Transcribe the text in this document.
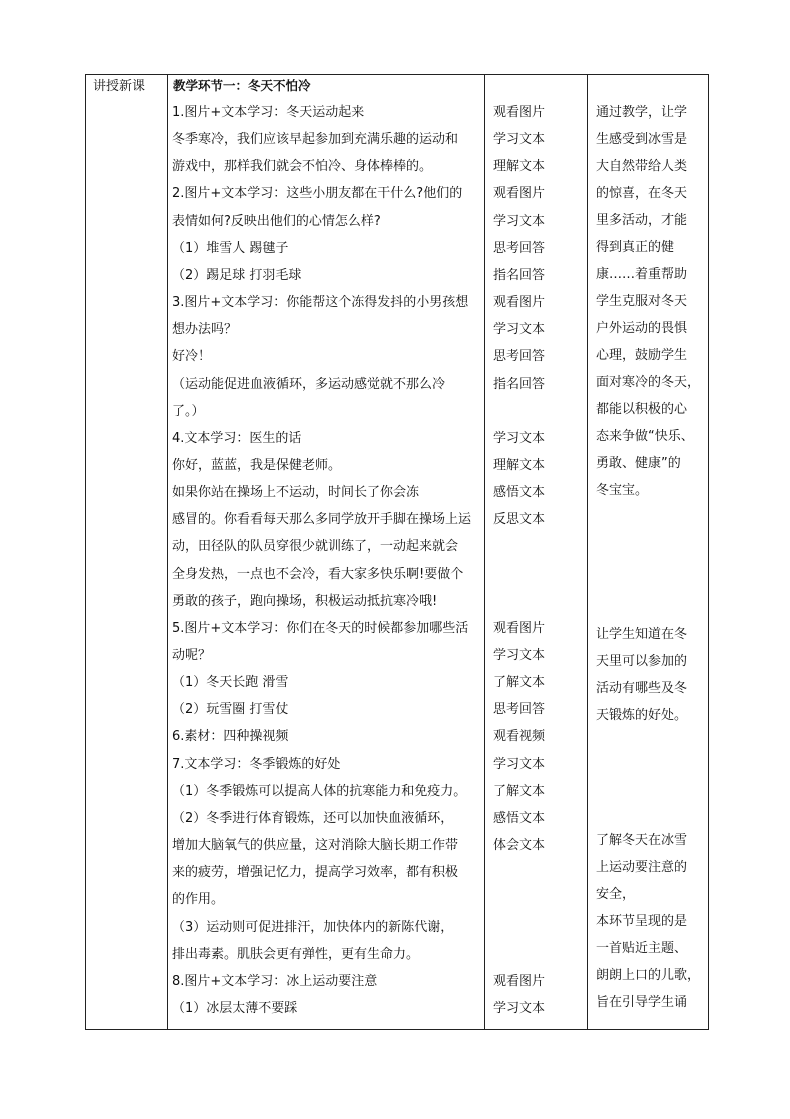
讲授新课 教学环节一：冬天不怕冷
1.图片+文本学习：冬天运动起来
冬季寒冷，我们应该早起参加到充满乐趣的运动和
游戏中，那样我们就会不怕冷、身体棒棒的。
2.图片+文本学习：这些小朋友都在干什么?他们的
表情如何?反映出他们的心情怎么样?
（1）堆雪人 踢毽子
（2）踢足球 打羽毛球
3.图片+文本学习：你能帮这个冻得发抖的小男孩想
想办法吗？
好冷！
（运动能促进血液循环，多运动感觉就不那么冷
了。）
4.文本学习：医生的话
你好，蓝蓝，我是保健老师。
如果你站在操场上不运动，时间长了你会冻
感冒的。你看看每天那么多同学放开手脚在操场上运
动，田径队的队员穿很少就训练了，一动起来就会
全身发热，一点也不会冷，看大家多快乐啊!要做个
勇敢的孩子，跑向操场，积极运动抵抗寒冷哦!
5.图片+文本学习：你们在冬天的时候都参加哪些活
动呢？
（1）冬天长跑 滑雪
（2）玩雪圈 打雪仗
6.素材：四种操视频
7.文本学习：冬季锻炼的好处
（1）冬季锻炼可以提高人体的抗寒能力和免疫力。
（2）冬季进行体育锻炼，还可以加快血液循环，
增加大脑氧气的供应量，这对消除大脑长期工作带
来的疲劳，增强记忆力，提高学习效率，都有积极
的作用。
（3）运动则可促进排汗，加快体内的新陈代谢，
排出毒素。肌肤会更有弹性，更有生命力。
8.图片+文本学习：冰上运动要注意
（1）冰层太薄不要踩
观看图片
学习文本
理解文本
观看图片
学习文本
思考回答
指名回答
观看图片
学习文本
思考回答
指名回答
学习文本
理解文本
感悟文本
反思文本
观看图片
学习文本
了解文本
思考回答
观看视频
学习文本
了解文本
感悟文本
体会文本
观看图片
学习文本
通过教学，让学
生感受到冰雪是
大自然带给人类
的惊喜，在冬天
里多活动，才能
得到真正的健
康……着重帮助
学生克服对冬天
户外运动的畏惧
心理，鼓励学生
面对寒冷的冬天，
都能以积极的心
态来争做“快乐、
勇敢、健康”的
冬宝宝。
让学生知道在冬
天里可以参加的
活动有哪些及冬
天锻炼的好处。
了解冬天在冰雪
上运动要注意的
安全，
本环节呈现的是
一首贴近主题、
朗朗上口的儿歌，
旨在引导学生诵
